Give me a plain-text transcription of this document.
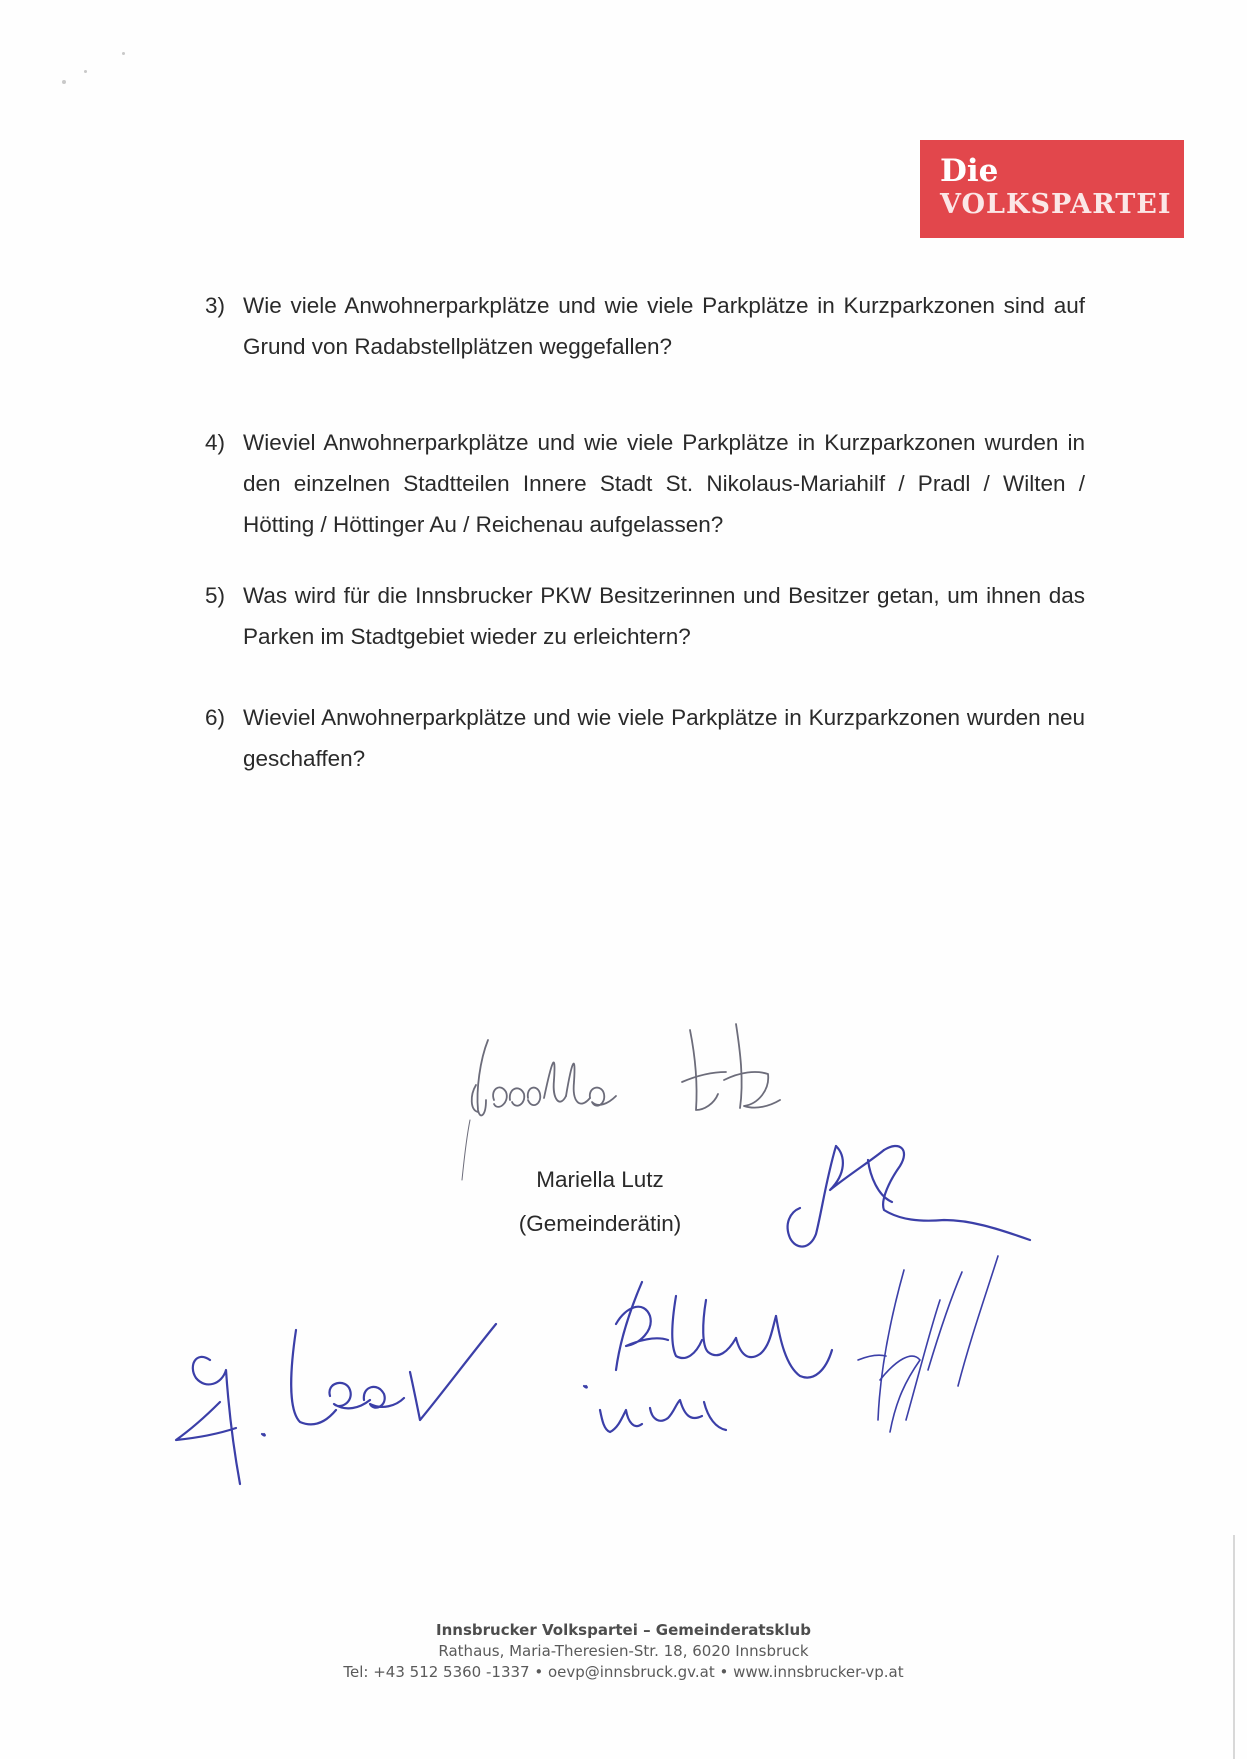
Die
VOLKSPARTEI
3) Wie viele Anwohnerparkplätze und wie viele Parkplätze in Kurzparkzonen sind auf Grund von Radabstellplätzen weggefallen?
4) Wieviel Anwohnerparkplätze und wie viele Parkplätze in Kurzparkzonen wurden in den einzelnen Stadtteilen Innere Stadt St. Nikolaus-Mariahilf / Pradl / Wilten / Hötting / Höttinger Au / Reichenau aufgelassen?
5) Was wird für die Innsbrucker PKW Besitzerinnen und Besitzer getan, um ihnen das Parken im Stadtgebiet wieder zu erleichtern?
6) Wieviel Anwohnerparkplätze und wie viele Parkplätze in Kurzparkzonen wurden neu geschaffen?
Mariella Lutz
(Gemeinderätin)
Innsbrucker Volkspartei – Gemeinderatsklub
Rathaus, Maria-Theresien-Str. 18, 6020 Innsbruck
Tel: +43 512 5360 -1337 • oevp@innsbruck.gv.at • www.innsbrucker-vp.at
